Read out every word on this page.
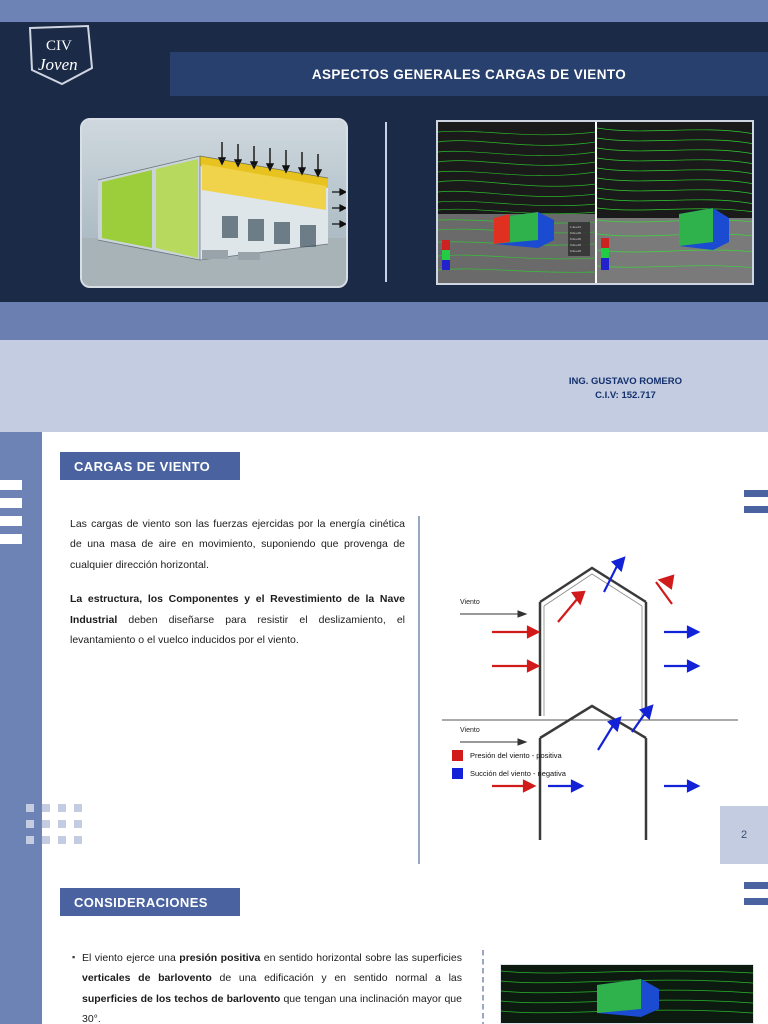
CIV
Joven	ASPECTOS GENERALES CARGAS DE VIENTO
1.2e+01
9.0e+00
6.0e+00
3.0e+00
0.0e+00
ING. GUSTAVO ROMERO
C.I.V: 152.717
CARGAS DE VIENTO

Las cargas de viento son las fuerzas ejercidas por la energía cinética de una masa de aire en movimiento, suponiendo que provenga de cualquier dirección horizontal.

La estructura, los Componentes y el Revestimiento de la Nave Industrial deben diseñarse para resistir el deslizamiento, el levantamiento o el vuelco inducidos por el viento.

Viento
Viento
Presión del viento - positiva
Succión del viento - negativa
2
CONSIDERACIONES
▪ El viento ejerce una presión positiva en sentido horizontal sobre las superficies verticales de barlovento de una edificación y en sentido normal a las superficies de los techos de barlovento que tengan una inclinación mayor que 30°.
